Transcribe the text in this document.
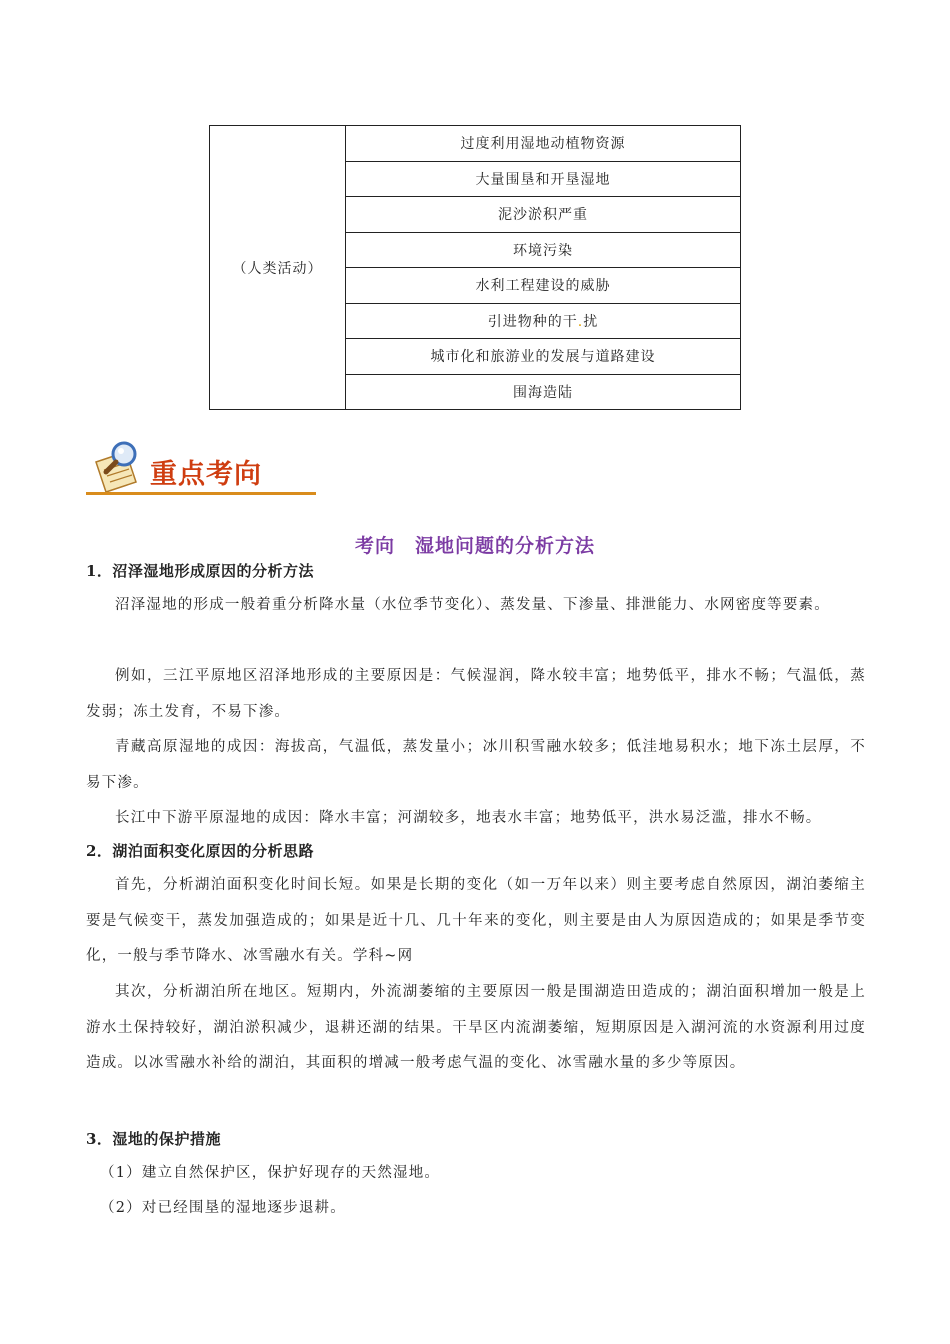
（人类活动）	过度利用湿地动植物资源
大量围垦和开垦湿地
泥沙淤积严重
环境污染
水利工程建设的威胁
引进物种的干.扰
城市化和旅游业的发展与道路建设
围海造陆
重点考向
考向　湿地问题的分析方法
1．沼泽湿地形成原因的分析方法

沼泽湿地的形成一般着重分析降水量（水位季节变化）、蒸发量、下渗量、排泄能力、水网密度等要素。

例如，三江平原地区沼泽地形成的主要原因是：气候湿润，降水较丰富；地势低平，排水不畅；气温低，蒸发弱；冻土发育，不易下渗。

青藏高原湿地的成因：海拔高，气温低，蒸发量小；冰川积雪融水较多；低洼地易积水；地下冻土层厚，不易下渗。

长江中下游平原湿地的成因：降水丰富；河湖较多，地表水丰富；地势低平，洪水易泛滥，排水不畅。

2．湖泊面积变化原因的分析思路

首先，分析湖泊面积变化时间长短。如果是长期的变化（如一万年以来）则主要考虑自然原因，湖泊萎缩主要是气候变干，蒸发加强造成的；如果是近十几、几十年来的变化，则主要是由人为原因造成的；如果是季节变化，一般与季节降水、冰雪融水有关。学科~网

其次，分析湖泊所在地区。短期内，外流湖萎缩的主要原因一般是围湖造田造成的；湖泊面积增加一般是上游水土保持较好，湖泊淤积减少，退耕还湖的结果。干旱区内流湖萎缩，短期原因是入湖河流的水资源利用过度造成。以冰雪融水补给的湖泊，其面积的增减一般考虑气温的变化、冰雪融水量的多少等原因。

3．湿地的保护措施

（1）建立自然保护区，保护好现存的天然湿地。

（2）对已经围垦的湿地逐步退耕。
